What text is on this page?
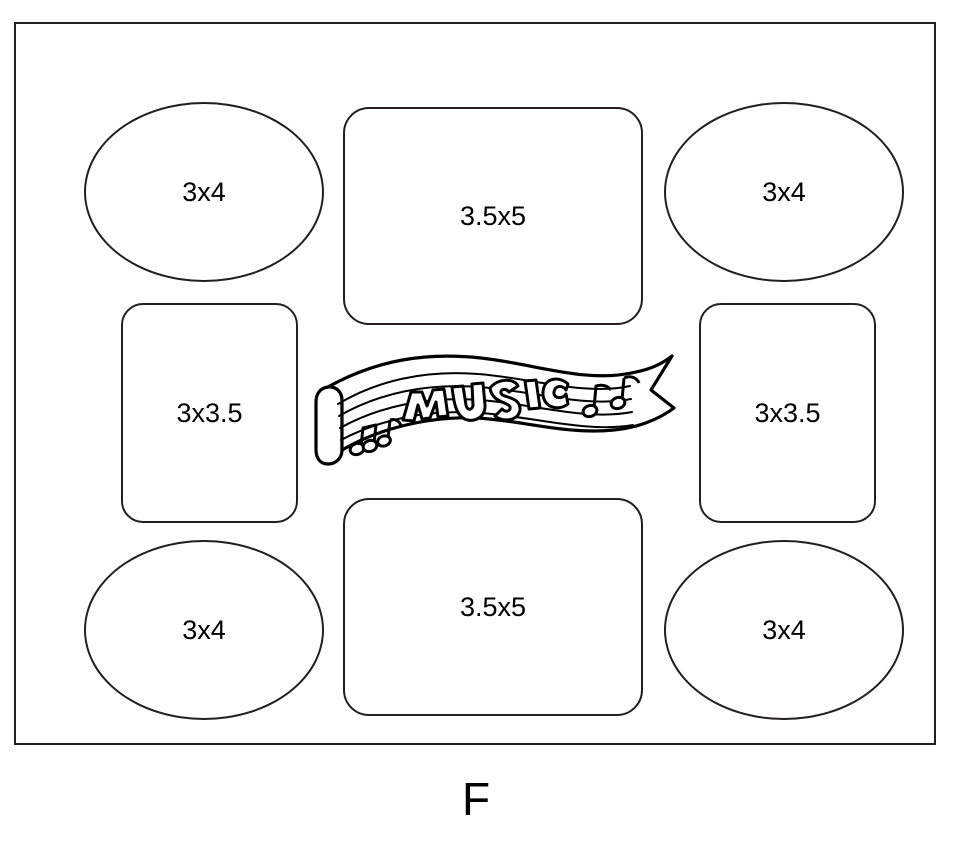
3x4
3.5x5
3x4
3x3.5	3x3.5
3x4
3.5x5
3x4
F
